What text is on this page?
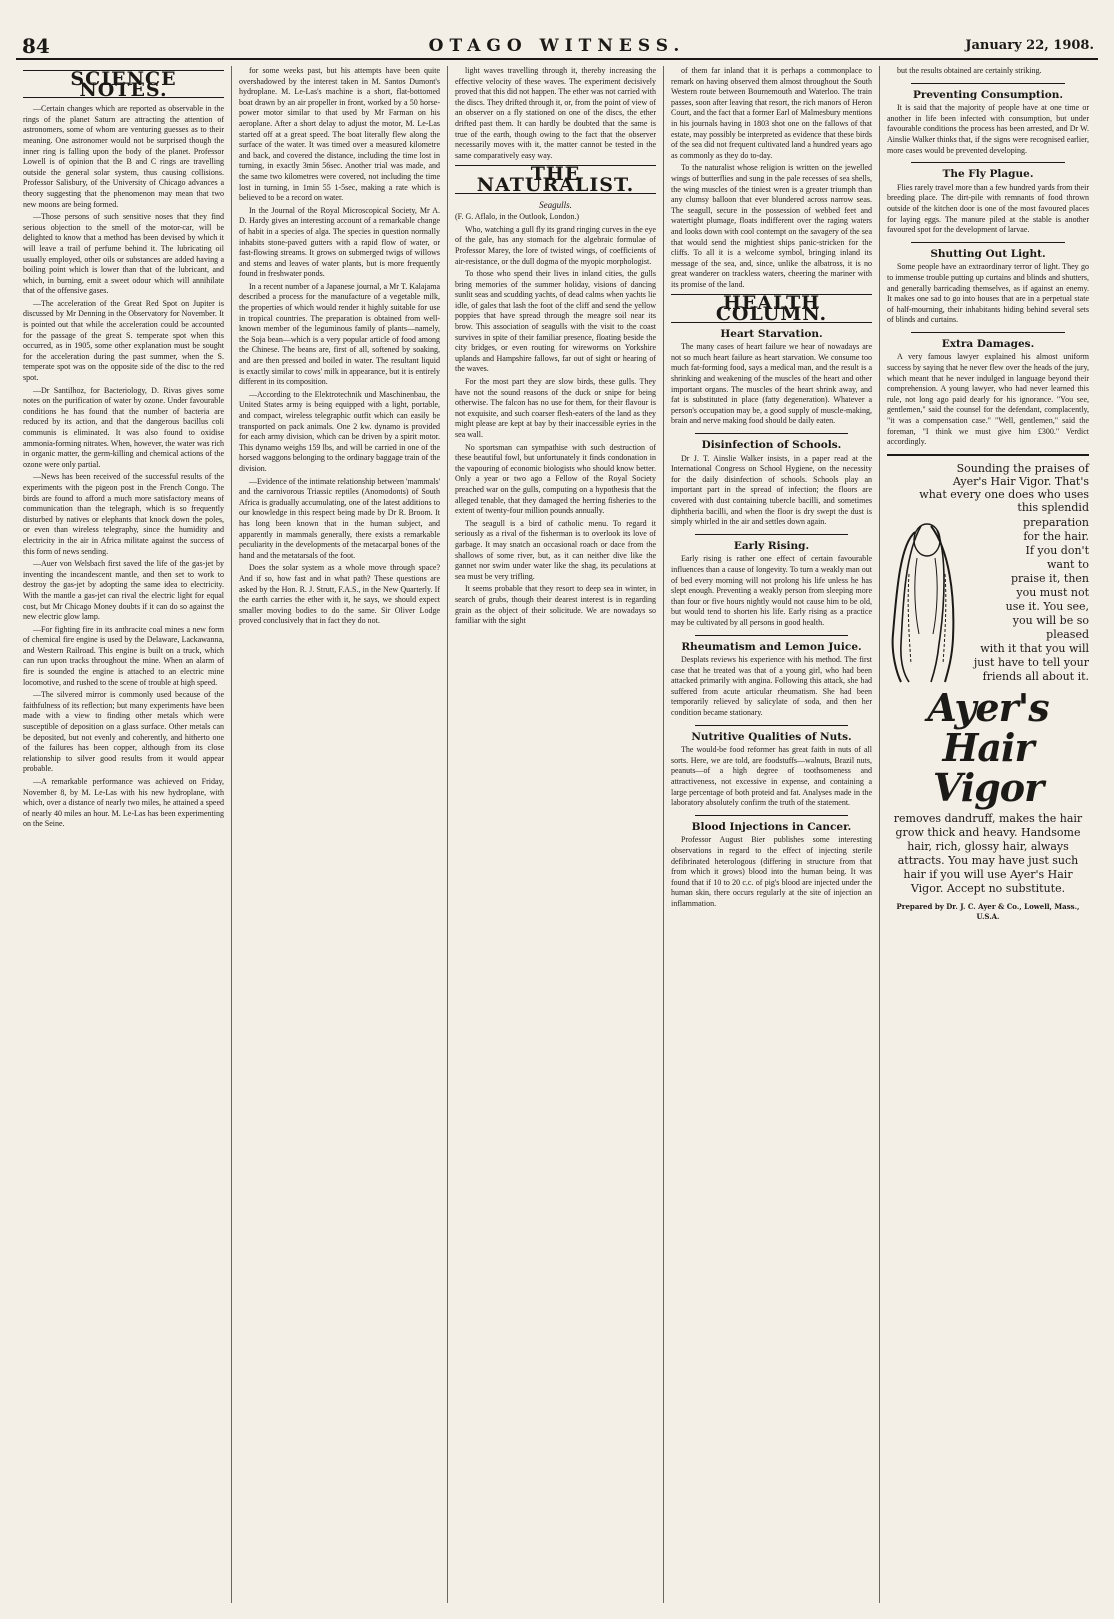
84	OTAGO WITNESS.	January 22, 1908.
SCIENCE NOTES.

—Certain changes which are reported as observable in the rings of the planet Saturn are attracting the attention of astronomers, some of whom are venturing guesses as to their meaning. One astronomer would not be surprised though the inner ring is falling upon the body of the planet. Professor Lowell is of opinion that the B and C rings are travelling outside the general solar system, thus causing collisions. Professor Salisbury, of the University of Chicago advances a theory suggesting that the phenomenon may mean that two new moons are being formed.

—Those persons of such sensitive noses that they find serious objection to the smell of the motor-car, will be delighted to know that a method has been devised by which it will leave a trail of perfume behind it. The lubricating oil usually employed, other oils or substances are added having a boiling point which is lower than that of the lubricant, and which, in burning, emit a sweet odour which will annihilate that of the offensive gases.

—The acceleration of the Great Red Spot on Jupiter is discussed by Mr Denning in the Observatory for November. It is pointed out that while the acceleration could be accounted for the passage of the great S. temperate spot when this occurred, as in 1905, some other explanation must be sought for the acceleration during the past summer, when the S. temperate spot was on the opposite side of the disc to the red spot.

—Dr Santilhoz, for Bacteriology, D. Rivas gives some notes on the purification of water by ozone. Under favourable conditions he has found that the number of bacteria are reduced by its action, and that the dangerous bacillus coli communis is eliminated. It was also found to oxidise ammonia-forming nitrates. When, however, the water was rich in organic matter, the germ-killing and chemical actions of the ozone were only partial.

—News has been received of the successful results of the experiments with the pigeon post in the French Congo. The birds are found to afford a much more satisfactory means of communication than the telegraph, which is so frequently disturbed by natives or elephants that knock down the poles, or even than wireless telegraphy, since the humidity and electricity in the air in Africa militate against the success of this form of news sending.

—Auer von Welsbach first saved the life of the gas-jet by inventing the incandescent mantle, and then set to work to destroy the gas-jet by adopting the same idea to electricity. With the mantle a gas-jet can rival the electric light for equal cost, but Mr Chicago Money doubts if it can do so against the new electric glow lamp.

—For fighting fire in its anthracite coal mines a new form of chemical fire engine is used by the Delaware, Lackawanna, and Western Railroad. This engine is built on a truck, which can run upon tracks throughout the mine. When an alarm of fire is sounded the engine is attached to an electric mine locomotive, and rushed to the scene of trouble at high speed.

—The silvered mirror is commonly used because of the faithfulness of its reflection; but many experiments have been made with a view to finding other metals which were susceptible of deposition on a glass surface. Other metals can be deposited, but not evenly and coherently, and hitherto one of the failures has been copper, although from its close relationship to silver good results from it would appear probable.

—A remarkable performance was achieved on Friday, November 8, by M. Le-Las with his new hydroplane, with which, over a distance of nearly two miles, he attained a speed of nearly 40 miles an hour. M. Le-Las has been experimenting on the Seine.

for some weeks past, but his attempts have been quite overshadowed by the interest taken in M. Santos Dumont's hydroplane. M. Le-Las's machine is a short, flat-bottomed boat drawn by an air propeller in front, worked by a 50 horse-power motor similar to that used by Mr Farman on his aeroplane. After a short delay to adjust the motor, M. Le-Las started off at a great speed. The boat literally flew along the surface of the water. It was timed over a measured kilometre and back, and covered the distance, including the time lost in turning, in exactly 3min 56sec. Another trial was made, and the same two kilometres were covered, not including the time lost in turning, in 1min 55 1-5sec, making a rate which is believed to be a record on water.

In the Journal of the Royal Microscopical Society, Mr A. D. Hardy gives an interesting account of a remarkable change of habit in a species of alga. The species in question normally inhabits stone-paved gutters with a rapid flow of water, or fast-flowing streams. It grows on submerged twigs of willows and stems and leaves of water plants, but is more frequently found in freshwater ponds.

In a recent number of a Japanese journal, a Mr T. Kalajama described a process for the manufacture of a vegetable milk, the properties of which would render it highly suitable for use in tropical countries. The preparation is obtained from well-known member of the leguminous family of plants—namely, the Soja bean—which is a very popular article of food among the Chinese. The beans are, first of all, softened by soaking, and are then pressed and boiled in water. The resultant liquid is exactly similar to cows' milk in appearance, but it is entirely different in its composition.

—According to the Elektrotechnik und Maschinenbau, the United States army is being equipped with a light, portable, and compact, wireless telegraphic outfit which can easily be transported on pack animals. One 2 kw. dynamo is provided for each army division, which can be driven by a spirit motor. This dynamo weighs 159 lbs, and will be carried in one of the horsed waggons belonging to the ordinary baggage train of the division.

—Evidence of the intimate relationship between 'mammals' and the carnivorous Triassic reptiles (Anomodonts) of South Africa is gradually accumulating, one of the latest additions to our knowledge in this respect being made by Dr R. Broom. It has long been known that in the human subject, and apparently in mammals generally, there exists a remarkable peculiarity in the developments of the metacarpal bones of the hand and the metatarsals of the foot.

Does the solar system as a whole move through space? And if so, how fast and in what path? These questions are asked by the Hon. R. J. Strutt, F.A.S., in the New Quarterly. If the earth carries the ether with it, he says, we should expect smaller moving bodies to do the same. Sir Oliver Lodge proved conclusively that in fact they do not.

light waves travelling through it, thereby increasing the effective velocity of these waves. The experiment decisively proved that this did not happen. The ether was not carried with the discs. They drifted through it, or, from the point of view of an observer on a fly stationed on one of the discs, the ether drifted past them. It can hardly be doubted that the same is true of the earth, though owing to the fact that the observer necessarily moves with it, the matter cannot be tested in the same comparatively easy way.

THE NATURALIST.
Seagulls.
(F. G. Aflalo, in the Outlook, London.)

Who, watching a gull fly its grand ringing curves in the eye of the gale, has any stomach for the algebraic formulae of Professor Marey, the lore of twisted wings, of coefficients of air-resistance, or the dull dogma of the myopic morphologist.

To those who spend their lives in inland cities, the gulls bring memories of the summer holiday, visions of dancing sunlit seas and scudding yachts, of dead calms when yachts lie idle, of gales that lash the foot of the cliff and send the yellow poppies that have spread through the meagre soil near its brow. This association of seagulls with the visit to the coast survives in spite of their familiar presence, floating beside the city bridges, or even routing for wireworms on Yorkshire uplands and Hampshire fallows, far out of sight or hearing of the waves.

For the most part they are slow birds, these gulls. They have not the sound reasons of the duck or snipe for being otherwise. The falcon has no use for them, for their flavour is not exquisite, and such coarser flesh-eaters of the land as they might please are kept at bay by their inaccessible eyries in the sea wall.

No sportsman can sympathise with such destruction of these beautiful fowl, but unfortunately it finds condonation in the vapouring of economic biologists who should know better. Only a year or two ago a Fellow of the Royal Society preached war on the gulls, computing on a hypothesis that the alleged tenable, that they damaged the herring fisheries to the extent of twenty-four million pounds annually.

The seagull is a bird of catholic menu. To regard it seriously as a rival of the fisherman is to overlook its love of garbage. It may snatch an occasional roach or dace from the shallows of some river, but, as it can neither dive like the gannet nor swim under water like the shag, its peculations at sea must be very trifling.

It seems probable that they resort to deep sea in winter, in search of grubs, though their dearest interest is in regarding grain as the object of their solicitude. We are nowadays so familiar with the sight

of them far inland that it is perhaps a commonplace to remark on having observed them almost throughout the South Western route between Bournemouth and Waterloo. The train passes, soon after leaving that resort, the rich manors of Heron Court, and the fact that a former Earl of Malmesbury mentions in his journals having in 1803 shot one on the fallows of that estate, may possibly be interpreted as evidence that these birds of the sea did not frequent cultivated land a hundred years ago as commonly as they do to-day.

To the naturalist whose religion is written on the jewelled wings of butterflies and sung in the pale recesses of sea shells, the wing muscles of the tiniest wren is a greater triumph than any clumsy balloon that ever blundered across narrow seas. The seagull, secure in the possession of webbed feet and watertight plumage, floats indifferent over the raging waters and looks down with cool contempt on the savagery of the sea that would send the mightiest ships panic-stricken for the cliffs. To all it is a welcome symbol, bringing inland its message of the sea, and, since, unlike the albatross, it is no great wanderer on trackless waters, cheering the mariner with its promise of the land.

HEALTH COLUMN.
Heart Starvation.

The many cases of heart failure we hear of nowadays are not so much heart failure as heart starvation. We consume too much fat-forming food, says a medical man, and the result is a shrinking and weakening of the muscles of the heart and other important organs. The muscles of the heart shrink away, and fat is substituted in place (fatty degeneration). Whatever a person's occupation may be, a good supply of muscle-making, brain and nerve making food should be daily eaten.

Disinfection of Schools.

Dr J. T. Ainslie Walker insists, in a paper read at the International Congress on School Hygiene, on the necessity for the daily disinfection of schools. Schools play an important part in the spread of infection; the floors are covered with dust containing tubercle bacilli, and sometimes diphtheria bacilli, and when the floor is dry swept the dust is simply whirled in the air and settles down again.

Early Rising.

Early rising is rather one effect of certain favourable influences than a cause of longevity. To turn a weakly man out of bed every morning will not prolong his life unless he has slept enough. Preventing a weakly person from sleeping more than four or five hours nightly would not cause him to be old, but would tend to shorten his life. Early rising as a practice may be cultivated by all persons in good health.

Rheumatism and Lemon Juice.

Desplats reviews his experience with his method. The first case that he treated was that of a young girl, who had been attacked primarily with angina. Following this attack, she had suffered from acute articular rheumatism. She had been temporarily relieved by salicylate of soda, and then her condition became stationary.

Nutritive Qualities of Nuts.

The would-be food reformer has great faith in nuts of all sorts. Here, we are told, are foodstuffs—walnuts, Brazil nuts, peanuts—of a high degree of toothsomeness and attractiveness, not excessive in expense, and containing a large percentage of both proteid and fat. Analyses made in the laboratory absolutely confirm the truth of the statement.

Blood Injections in Cancer.

Professor August Bier publishes some interesting observations in regard to the effect of injecting sterile defibrinated heterologous (differing in structure from that from which it grows) blood into the human being. It was found that if 10 to 20 c.c. of pig's blood are injected under the human skin, there occurs regularly at the site of injection an inflammation.

but the results obtained are certainly striking.

Preventing Consumption.

It is said that the majority of people have at one time or another in life been infected with consumption, but under favourable conditions the process has been arrested, and Dr W. Ainslie Walker thinks that, if the signs were recognised earlier, more cases would be prevented developing.

The Fly Plague.

Flies rarely travel more than a few hundred yards from their breeding place. The dirt-pile with remnants of food thrown outside of the kitchen door is one of the most favoured places for laying eggs. The manure piled at the stable is another favoured spot for the development of larvae.

Shutting Out Light.

Some people have an extraordinary terror of light. They go to immense trouble putting up curtains and blinds and shutters, and generally barricading themselves, as if against an enemy. It makes one sad to go into houses that are in a perpetual state of half-mourning, their inhabitants hiding behind several sets of blinds and curtains.

Extra Damages.

A very famous lawyer explained his almost uniform success by saying that he never flew over the heads of the jury, which meant that he never indulged in language beyond their comprehension. A young lawyer, who had never learned this rule, not long ago paid dearly for his ignorance. "You see, gentlemen," said the counsel for the defendant, complacently, "it was a compensation case." "Well, gentlemen," said the foreman, "I think we must give him £300." Verdict accordingly.

Sounding the praises of
Ayer's Hair Vigor. That's
what every one does who uses
this splendid
preparation
for the hair.
If you don't
want to
praise it, then
you must not
use it. You see,
you will be so pleased
with it that you will
just have to tell your
friends all about it.
Ayer's
Hair Vigor
removes dandruff, makes the hair grow thick and heavy. Handsome hair, rich, glossy hair, always attracts. You may have just such hair if you will use Ayer's Hair Vigor. Accept no substitute.
Prepared by Dr. J. C. Ayer & Co., Lowell, Mass., U.S.A.
